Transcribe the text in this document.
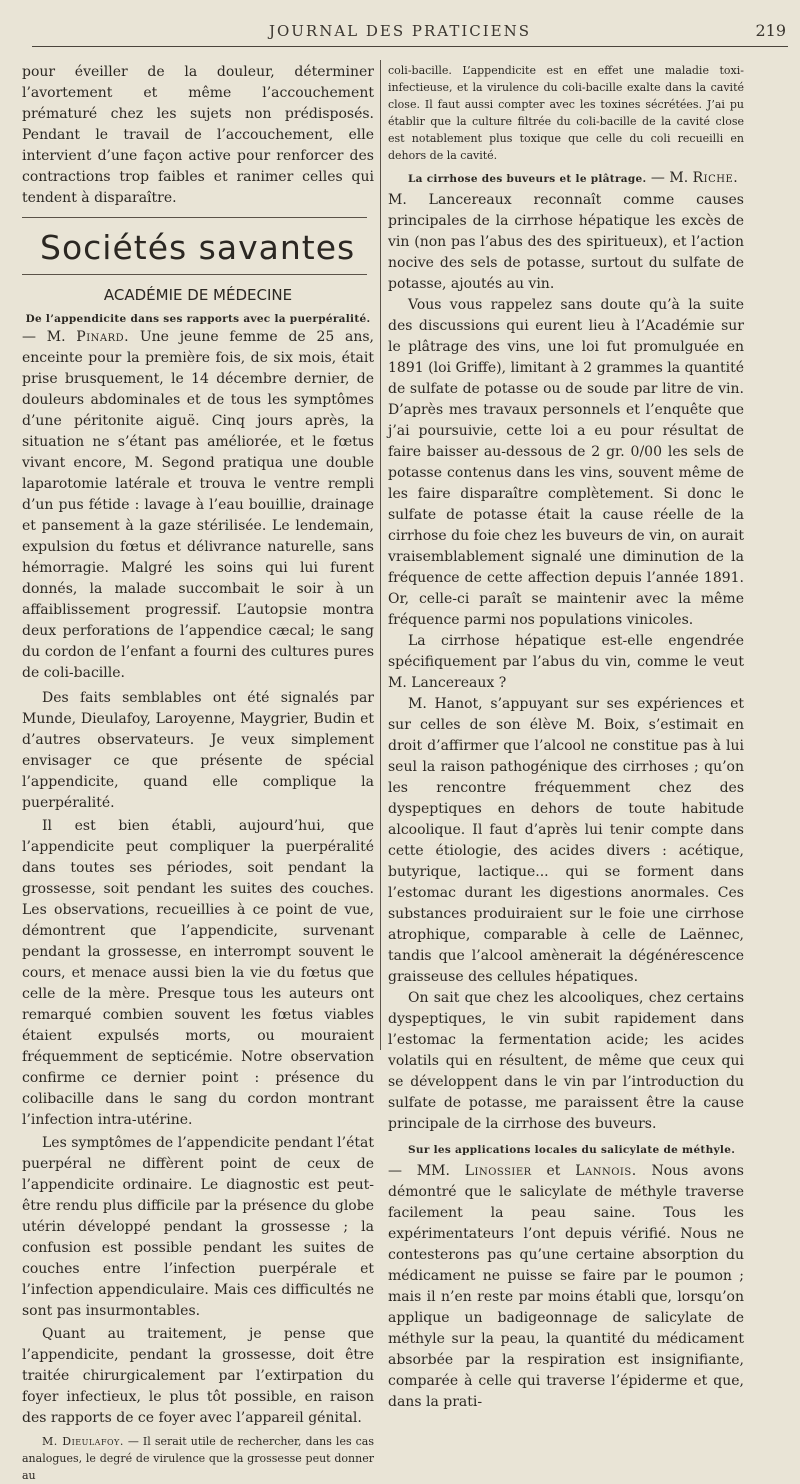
JOURNAL DES PRATICIENS	219

pour éveiller de la douleur, déterminer l’avortement et même l’accouchement prématuré chez les sujets non prédisposés. Pendant le travail de l’accouchement, elle intervient d’une façon active pour renforcer des contractions trop faibles et ranimer celles qui tendent à disparaître.

Sociétés savantes
ACADÉMIE DE MÉDECINE

De l’appendicite dans ses rapports avec la puerpéralité.

— M. Pinard. Une jeune femme de 25 ans, enceinte pour la première fois, de six mois, était prise brusquement, le 14 décembre dernier, de douleurs abdominales et de tous les symptômes d’une péritonite aiguë. Cinq jours après, la situation ne s’étant pas améliorée, et le fœtus vivant encore, M. Segond pratiqua une double laparotomie latérale et trouva le ventre rempli d’un pus fétide : lavage à l’eau bouillie, drainage et pansement à la gaze stérilisée. Le lendemain, expulsion du fœtus et délivrance naturelle, sans hémorragie. Malgré les soins qui lui furent donnés, la malade succombait le soir à un affaiblissement progressif. L’autopsie montra deux perforations de l’appendice cæcal; le sang du cordon de l’enfant a fourni des cultures pures de coli-bacille.

Des faits semblables ont été signalés par Munde, Dieulafoy, Laroyenne, Maygrier, Budin et d’autres observateurs. Je veux simplement envisager ce que présente de spécial l’appendicite, quand elle complique la puerpéralité.

Il est bien établi, aujourd’hui, que l’appendicite peut compliquer la puerpéralité dans toutes ses périodes, soit pendant la grossesse, soit pendant les suites des couches. Les observations, recueillies à ce point de vue, démontrent que l’appendicite, survenant pendant la grossesse, en interrompt souvent le cours, et menace aussi bien la vie du fœtus que celle de la mère. Presque tous les auteurs ont remarqué combien souvent les fœtus viables étaient expulsés morts, ou mouraient fréquemment de septicémie. Notre observation confirme ce dernier point : présence du colibacille dans le sang du cordon montrant l’infection intra-utérine.

Les symptômes de l’appendicite pendant l’état puerpéral ne diffèrent point de ceux de l’appendicite ordinaire. Le diagnostic est peut-être rendu plus difficile par la présence du globe utérin développé pendant la grossesse ; la confusion est possible pendant les suites de couches entre l’infection puerpérale et l’infection appendiculaire. Mais ces difficultés ne sont pas insurmontables.

Quant au traitement, je pense que l’appendicite, pendant la grossesse, doit être traitée chirurgicalement par l’extirpation du foyer infectieux, le plus tôt possible, en raison des rapports de ce foyer avec l’appareil génital.

M. Dieulafoy. — Il serait utile de rechercher, dans les cas analogues, le degré de virulence que la grossesse peut donner au

coli-bacille. L’appendicite est en effet une maladie toxi-infectieuse, et la virulence du coli-bacille exalte dans la cavité close. Il faut aussi compter avec les toxines sécrétées. J’ai pu établir que la culture filtrée du coli-bacille de la cavité close est notablement plus toxique que celle du coli recueilli en dehors de la cavité.

La cirrhose des buveurs et le plâtrage. — M. Riche.

M. Lancereaux reconnaît comme causes principales de la cirrhose hépatique les excès de vin (non pas l’abus des des spiritueux), et l’action nocive des sels de potasse, surtout du sulfate de potasse, ajoutés au vin.

Vous vous rappelez sans doute qu’à la suite des discussions qui eurent lieu à l’Académie sur le plâtrage des vins, une loi fut promulguée en 1891 (loi Griffe), limitant à 2 grammes la quantité de sulfate de potasse ou de soude par litre de vin. D’après mes travaux personnels et l’enquête que j’ai poursuivie, cette loi a eu pour résultat de faire baisser au-dessous de 2 gr. 0/00 les sels de potasse contenus dans les vins, souvent même de les faire disparaître complètement. Si donc le sulfate de potasse était la cause réelle de la cirrhose du foie chez les buveurs de vin, on aurait vraisemblablement signalé une diminution de la fréquence de cette affection depuis l’année 1891. Or, celle-ci paraît se maintenir avec la même fréquence parmi nos populations vinicoles.

La cirrhose hépatique est-elle engendrée spécifiquement par l’abus du vin, comme le veut M. Lancereaux ?

M. Hanot, s’appuyant sur ses expériences et sur celles de son élève M. Boix, s’estimait en droit d’affirmer que l’alcool ne constitue pas à lui seul la raison pathogénique des cirrhoses ; qu’on les rencontre fréquemment chez des dyspeptiques en dehors de toute habitude alcoolique. Il faut d’après lui tenir compte dans cette étiologie, des acides divers : acétique, butyrique, lactique... qui se forment dans l’estomac durant les digestions anormales. Ces substances produiraient sur le foie une cirrhose atrophique, comparable à celle de Laënnec, tandis que l’alcool amènerait la dégénérescence graisseuse des cellules hépatiques.

On sait que chez les alcooliques, chez certains dyspeptiques, le vin subit rapidement dans l’estomac la fermentation acide; les acides volatils qui en résultent, de même que ceux qui se développent dans le vin par l’introduction du sulfate de potasse, me paraissent être la cause principale de la cirrhose des buveurs.

Sur les applications locales du salicylate de méthyle.

— MM. Linossier et Lannois. Nous avons démontré que le salicylate de méthyle traverse facilement la peau saine. Tous les expérimentateurs l’ont depuis vérifié. Nous ne contesterons pas qu’une certaine absorption du médicament ne puisse se faire par le poumon ; mais il n’en reste par moins établi que, lorsqu’on applique un badigeonnage de salicylate de méthyle sur la peau, la quantité du médicament absorbée par la respiration est insignifiante, comparée à celle qui traverse l’épiderme et que, dans la prati-
